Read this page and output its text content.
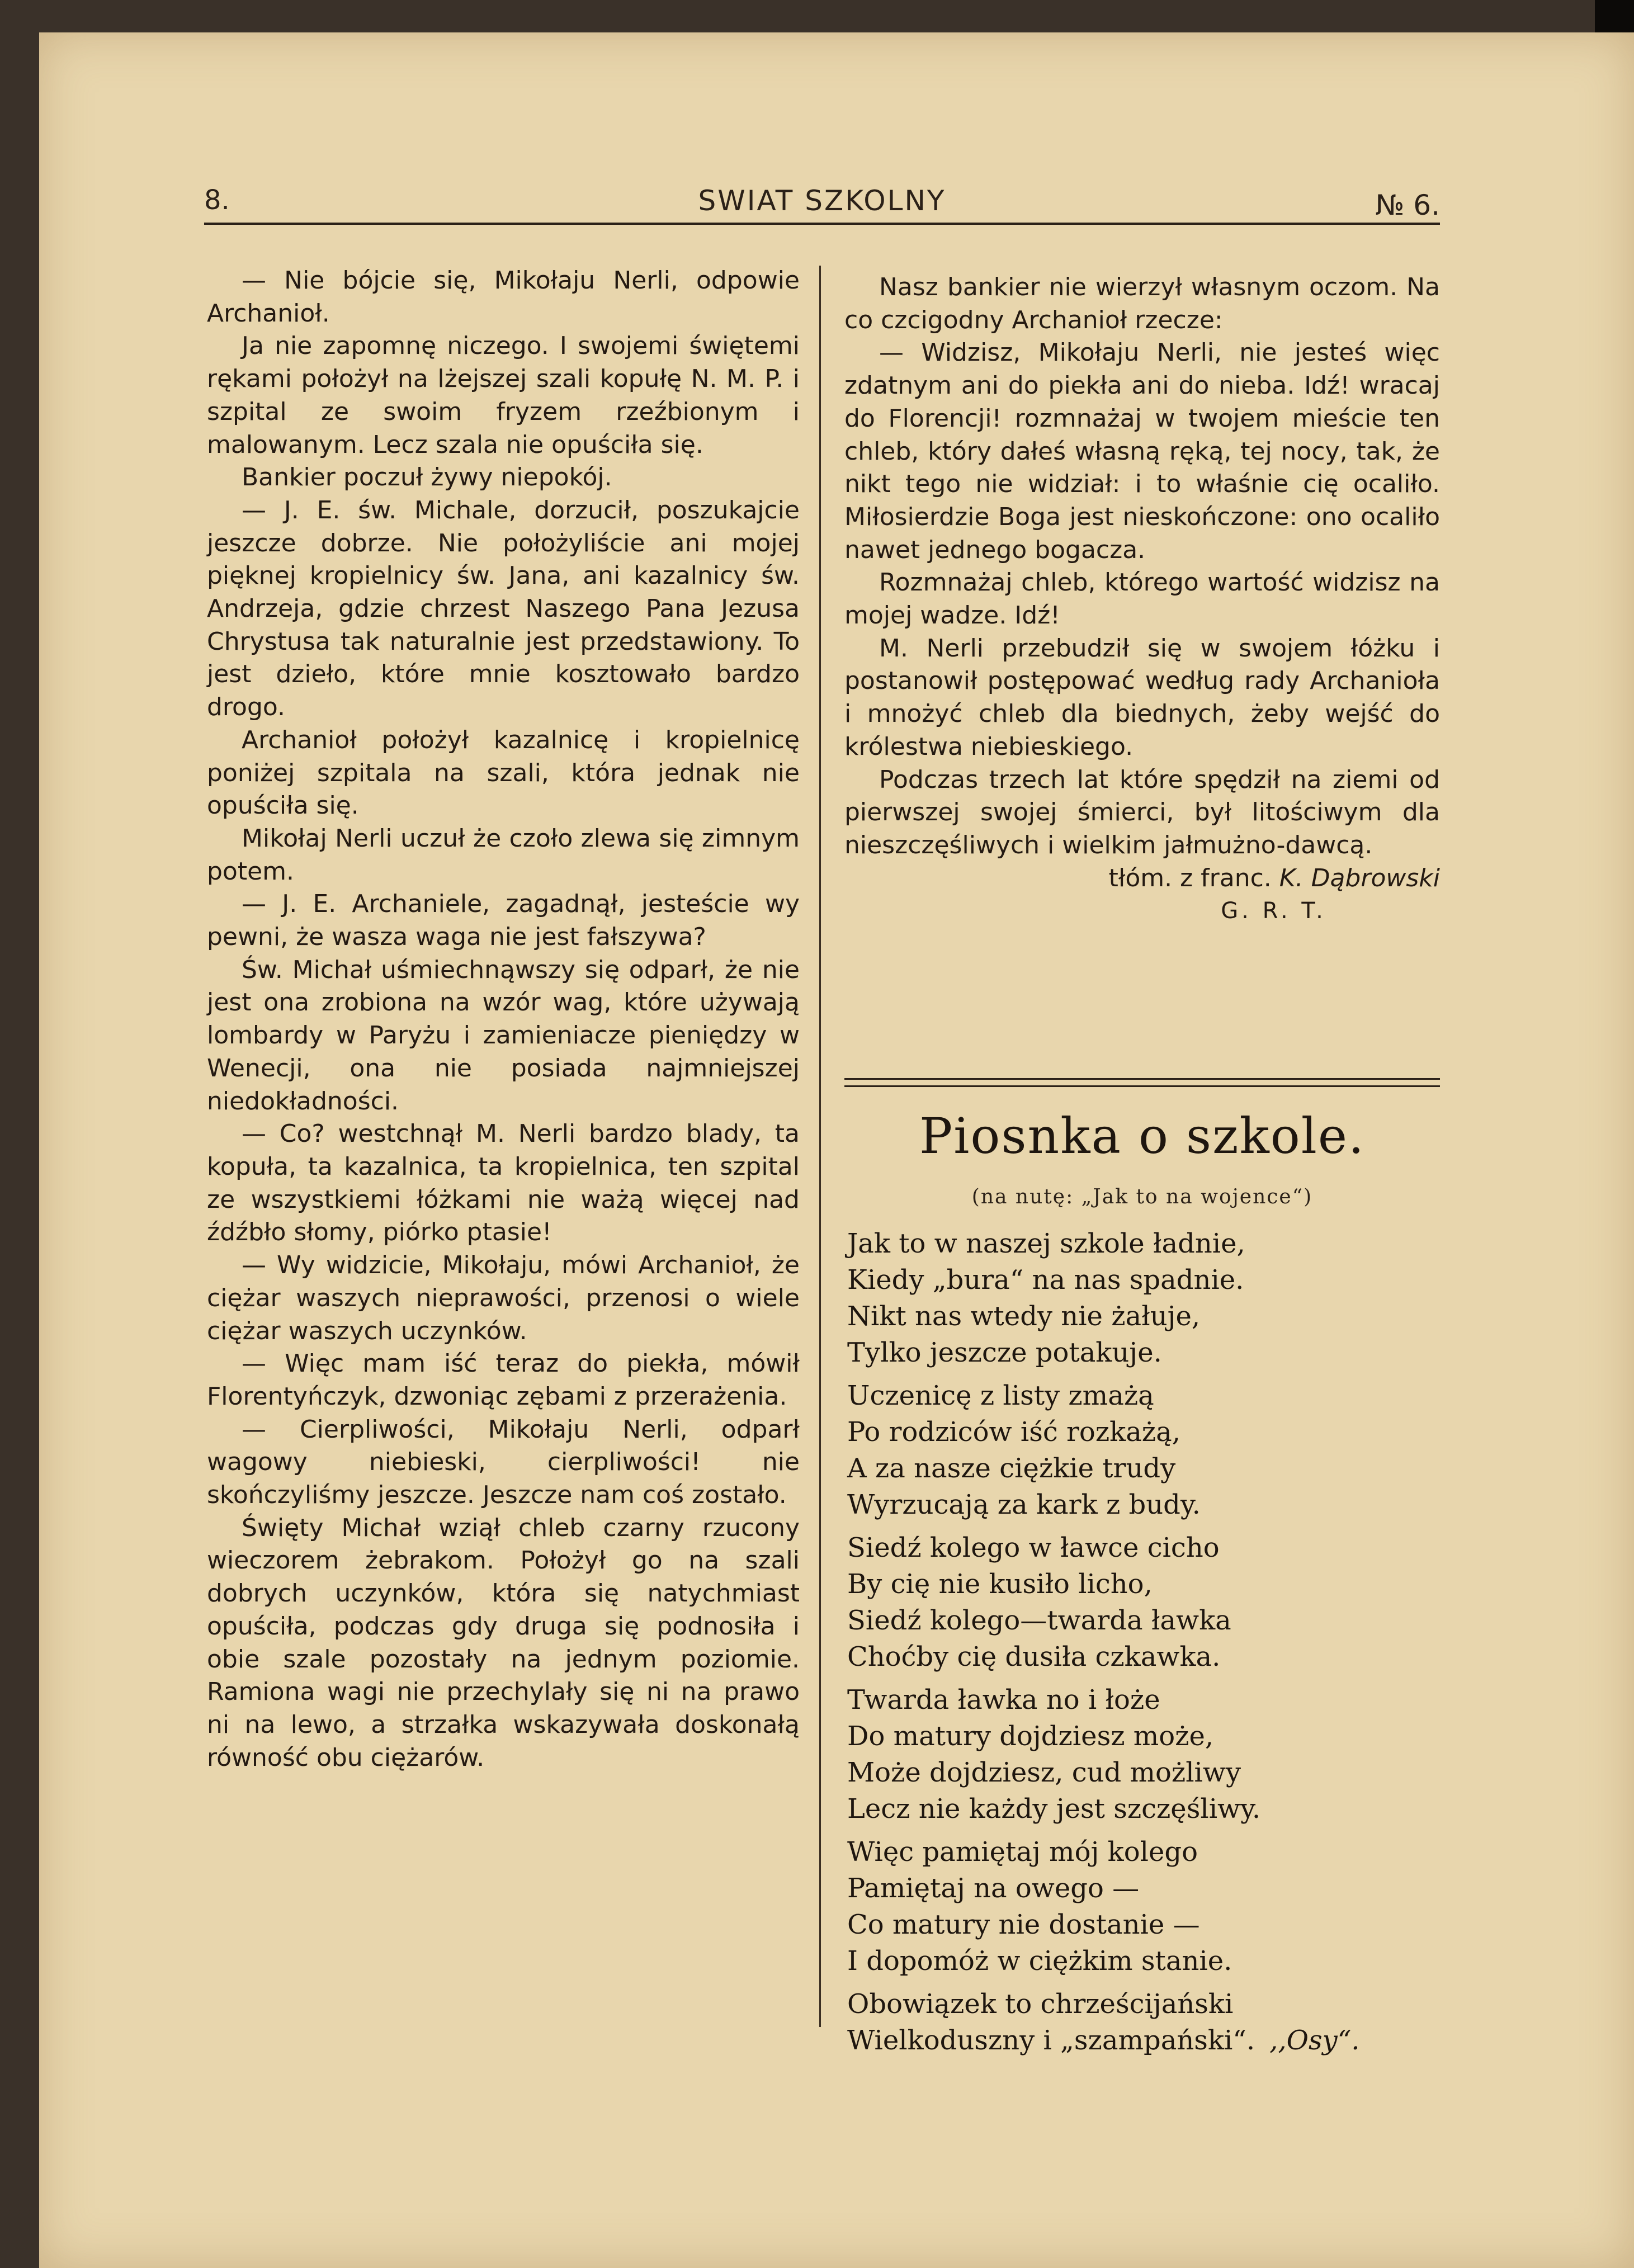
8.	SWIAT SZKOLNY	№ 6.

— Nie bójcie się, Mikołaju Nerli, odpowie Archanioł.

Ja nie zapomnę niczego. I swojemi świętemi rękami położył na lżejszej szali kopułę N. M. P. i szpital ze swoim fryzem rzeźbionym i malowanym. Lecz szala nie opuściła się.

Bankier poczuł żywy niepokój.

— J. E. św. Michale, dorzucił, poszukajcie jeszcze dobrze. Nie położyliście ani mojej pięknej kropielnicy św. Jana, ani kazalnicy św. Andrzeja, gdzie chrzest Naszego Pana Jezusa Chrystusa tak naturalnie jest przedstawiony. To jest dzieło, które mnie kosztowało bardzo drogo.

Archanioł położył kazalnicę i kropielnicę poniżej szpitala na szali, która jednak nie opuściła się.

Mikołaj Nerli uczuł że czoło zlewa się zimnym potem.

— J. E. Archaniele, zagadnął, jesteście wy pewni, że wasza waga nie jest fałszywa?

Św. Michał uśmiechnąwszy się odparł, że nie jest ona zrobiona na wzór wag, które używają lombardy w Paryżu i zamieniacze pieniędzy w Wenecji, ona nie posiada najmniejszej niedokładności.

— Co? westchnął M. Nerli bardzo blady, ta kopuła, ta kazalnica, ta kropielnica, ten szpital ze wszystkiemi łóżkami nie ważą więcej nad źdźbło słomy, piórko ptasie!

— Wy widzicie, Mikołaju, mówi Archanioł, że ciężar waszych nieprawości, przenosi o wiele ciężar waszych uczynków.

— Więc mam iść teraz do piekła, mówił Florentyńczyk, dzwoniąc zębami z przerażenia.

— Cierpliwości, Mikołaju Nerli, odparł wagowy niebieski, cierpliwości! nie skończyliśmy jeszcze. Jeszcze nam coś zostało.

Święty Michał wziął chleb czarny rzucony wieczorem żebrakom. Położył go na szali dobrych uczynków, która się natychmiast opuściła, podczas gdy druga się podnosiła i obie szale pozostały na jednym poziomie. Ramiona wagi nie przechylały się ni na prawo ni na lewo, a strzałka wskazywała doskonałą równość obu ciężarów.

Nasz bankier nie wierzył własnym oczom. Na co czcigodny Archanioł rzecze:

— Widzisz, Mikołaju Nerli, nie jesteś więc zdatnym ani do piekła ani do nieba. Idź! wracaj do Florencji! rozmnażaj w twojem mieście ten chleb, który dałeś własną ręką, tej nocy, tak, że nikt tego nie widział: i to właśnie cię ocaliło. Miłosierdzie Boga jest nieskończone: ono ocaliło nawet jednego bogacza.

Rozmnażaj chleb, którego wartość widzisz na mojej wadze. Idź!

M. Nerli przebudził się w swojem łóżku i postanowił postępować według rady Archanioła i mnożyć chleb dla biednych, żeby wejść do królestwa niebieskiego.

Podczas trzech lat które spędził na ziemi od pierwszej swojej śmierci, był litościwym dla nieszczęśliwych i wielkim jałmużno-dawcą.

tłóm. z franc. K. Dąbrowski
G. R. T.
Piosnka o szkole.
(na nutę: „Jak to na wojence“)
Jak to w naszej szkole ładnie,
Kiedy „bura“ na nas spadnie.
Nikt nas wtedy nie żałuje,
Tylko jeszcze potakuje.
Uczenicę z listy zmażą
Po rodziców iść rozkażą,
A za nasze ciężkie trudy
Wyrzucają za kark z budy.
Siedź kolego w ławce cicho
By cię nie kusiło licho,
Siedź kolego—twarda ławka
Choćby cię dusiła czkawka.
Twarda ławka no i łoże
Do matury dojdziesz może,
Może dojdziesz, cud możliwy
Lecz nie każdy jest szczęśliwy.
Więc pamiętaj mój kolego
Pamiętaj na owego —
Co matury nie dostanie —
I dopomóż w ciężkim stanie.
Obowiązek to chrześcijański
Wielkoduszny i „szampański“. ,,Osy“.
